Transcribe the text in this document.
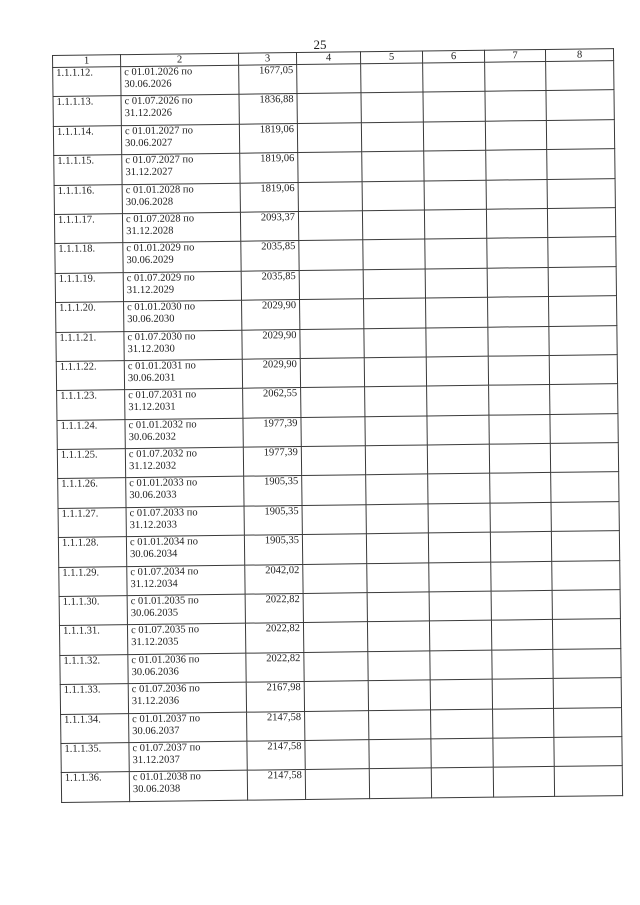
25
1	2	3	4	5	6	7	8
1.1.1.12.	с 01.01.2026 по
30.06.2026	1677,05					
1.1.1.13.	с 01.07.2026 по
31.12.2026	1836,88					
1.1.1.14.	с 01.01.2027 по
30.06.2027	1819,06					
1.1.1.15.	с 01.07.2027 по
31.12.2027	1819,06					
1.1.1.16.	с 01.01.2028 по
30.06.2028	1819,06					
1.1.1.17.	с 01.07.2028 по
31.12.2028	2093,37					
1.1.1.18.	с 01.01.2029 по
30.06.2029	2035,85					
1.1.1.19.	с 01.07.2029 по
31.12.2029	2035,85					
1.1.1.20.	с 01.01.2030 по
30.06.2030	2029,90					
1.1.1.21.	с 01.07.2030 по
31.12.2030	2029,90					
1.1.1.22.	с 01.01.2031 по
30.06.2031	2029,90					
1.1.1.23.	с 01.07.2031 по
31.12.2031	2062,55					
1.1.1.24.	с 01.01.2032 по
30.06.2032	1977,39					
1.1.1.25.	с 01.07.2032 по
31.12.2032	1977,39					
1.1.1.26.	с 01.01.2033 по
30.06.2033	1905,35					
1.1.1.27.	с 01.07.2033 по
31.12.2033	1905,35					
1.1.1.28.	с 01.01.2034 по
30.06.2034	1905,35					
1.1.1.29.	с 01.07.2034 по
31.12.2034	2042,02					
1.1.1.30.	с 01.01.2035 по
30.06.2035	2022,82					
1.1.1.31.	с 01.07.2035 по
31.12.2035	2022,82					
1.1.1.32.	с 01.01.2036 по
30.06.2036	2022,82					
1.1.1.33.	с 01.07.2036 по
31.12.2036	2167,98					
1.1.1.34.	с 01.01.2037 по
30.06.2037	2147,58					
1.1.1.35.	с 01.07.2037 по
31.12.2037	2147,58					
1.1.1.36.	с 01.01.2038 по
30.06.2038	2147,58					
